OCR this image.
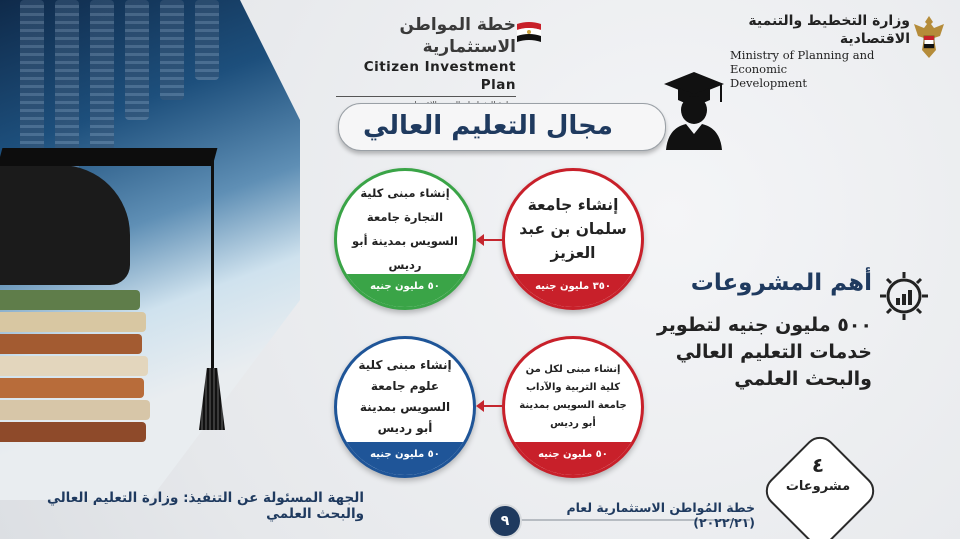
وزارة التخطيط والتنمية الاقتصادية
Ministry of Planning and Economic
Development
خطة المواطن الاستثمارية
Citizen Investment Plan
مجال التعليم العالي
إنشاء جامعة سلمان بن عبد العزيز
٣٥٠ مليون جنيه
إنشاء مبنى كلية التجارة جامعة السويس بمدينة أبو رديس
٥٠ مليون جنيه
إنشاء مبنى لكل من كلية التربية والآداب جامعة السويس بمدينة أبو رديس
٥٠ مليون جنيه
إنشاء مبنى كلية علوم جامعة السويس بمدينة أبو رديس
٥٠ مليون جنيه
أهم المشروعات
٥٠٠ مليون جنيه لتطوير
خدمات التعليم العالي
والبحث العلمي
٤
مشروعات
الجهة المسئولة عن التنفيذ: وزارة التعليم العالي والبحث العلمي	٩
خطة المُواطن الاستثمارية لعام (٢٠٢٢/٢١)
